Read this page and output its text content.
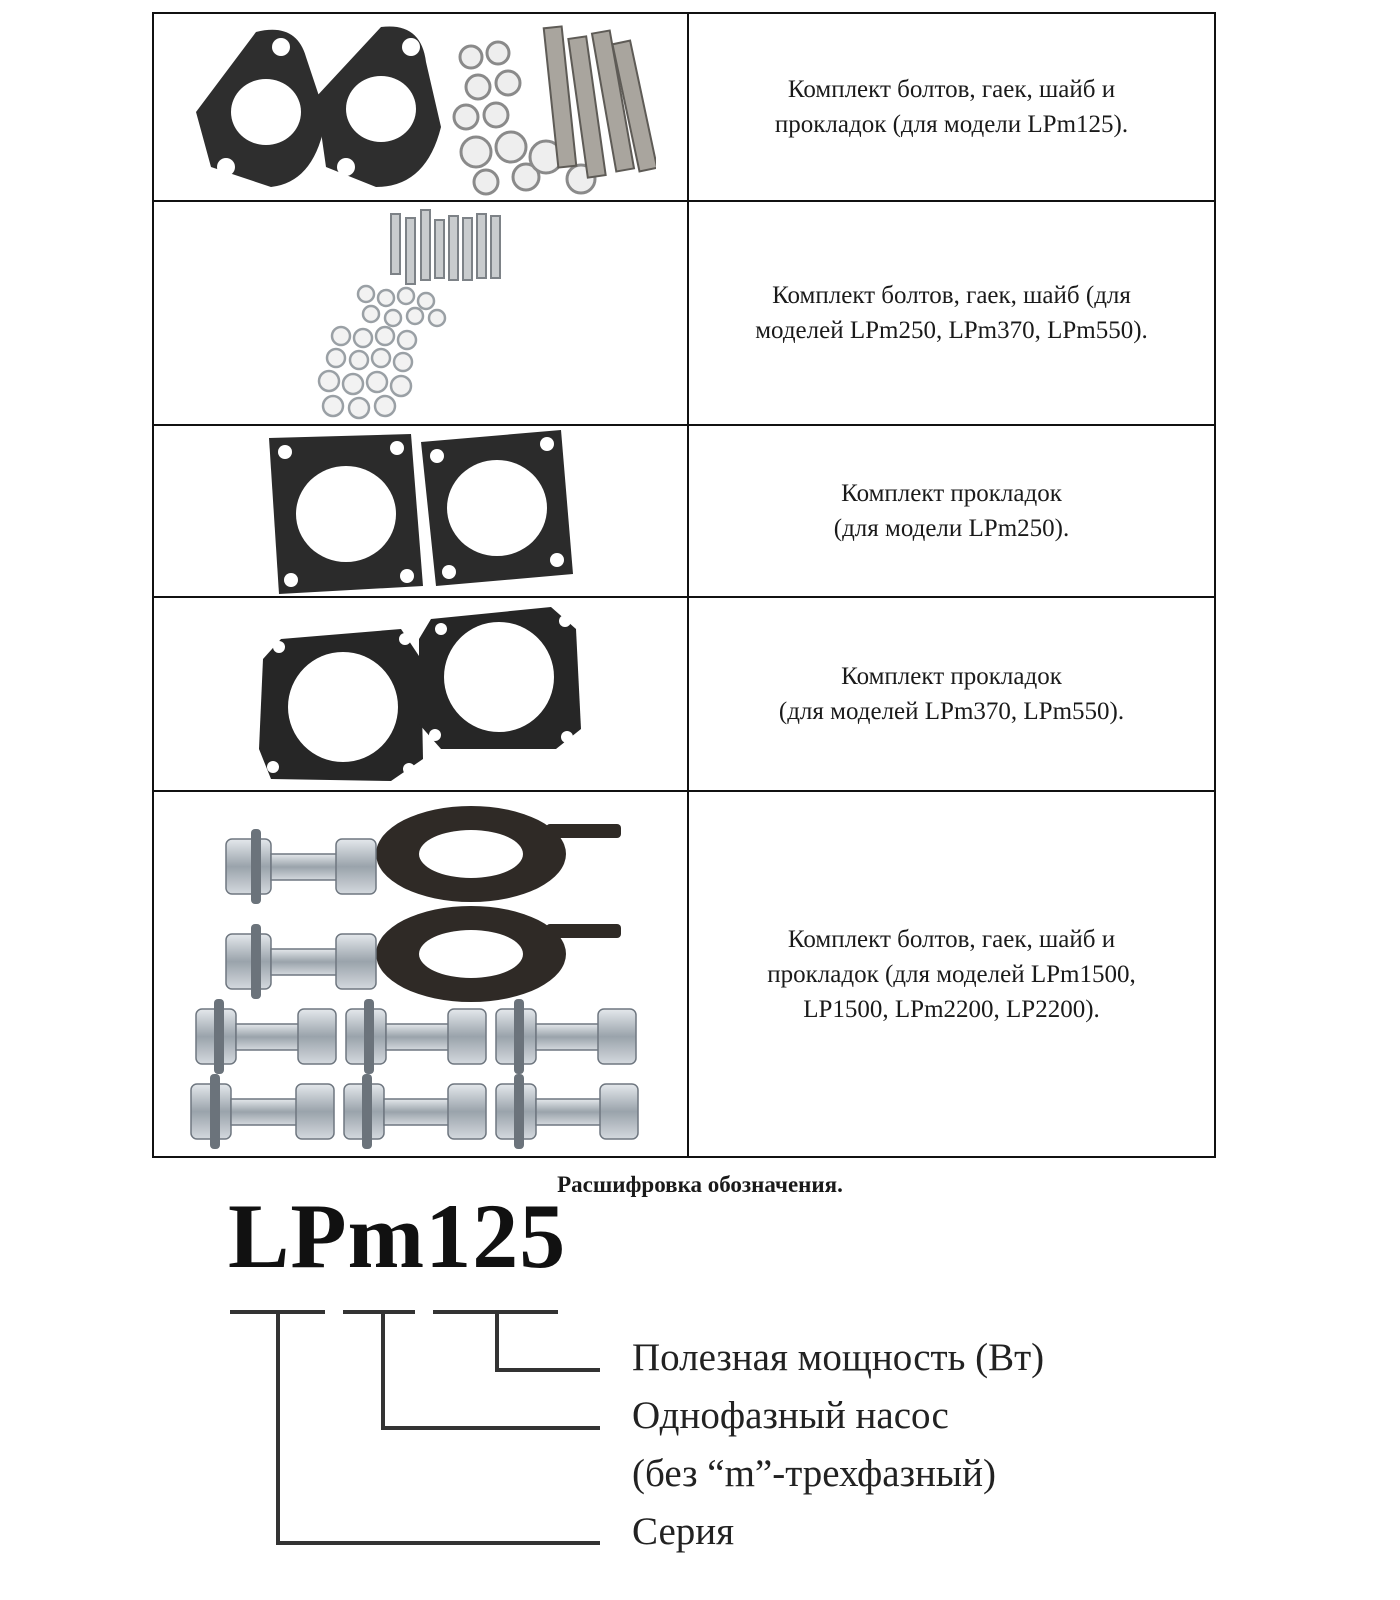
Комплект болтов, гаек, шайб и
прокладок (для модели LPm125).

Комплект болтов, гаек, шайб (для
моделей LPm250, LPm370, LPm550).

Комплект прокладок
(для модели LPm250).

Комплект прокладок
(для моделей LPm370, LPm550).

Комплект болтов, гаек, шайб и
прокладок (для моделей LPm1500,
LP1500, LPm2200, LP2200).
Расшифровка обозначения.
LPm125
Полезная мощность (Вт)
Однофазный насос
(без “m”-трехфазный)
Серия
